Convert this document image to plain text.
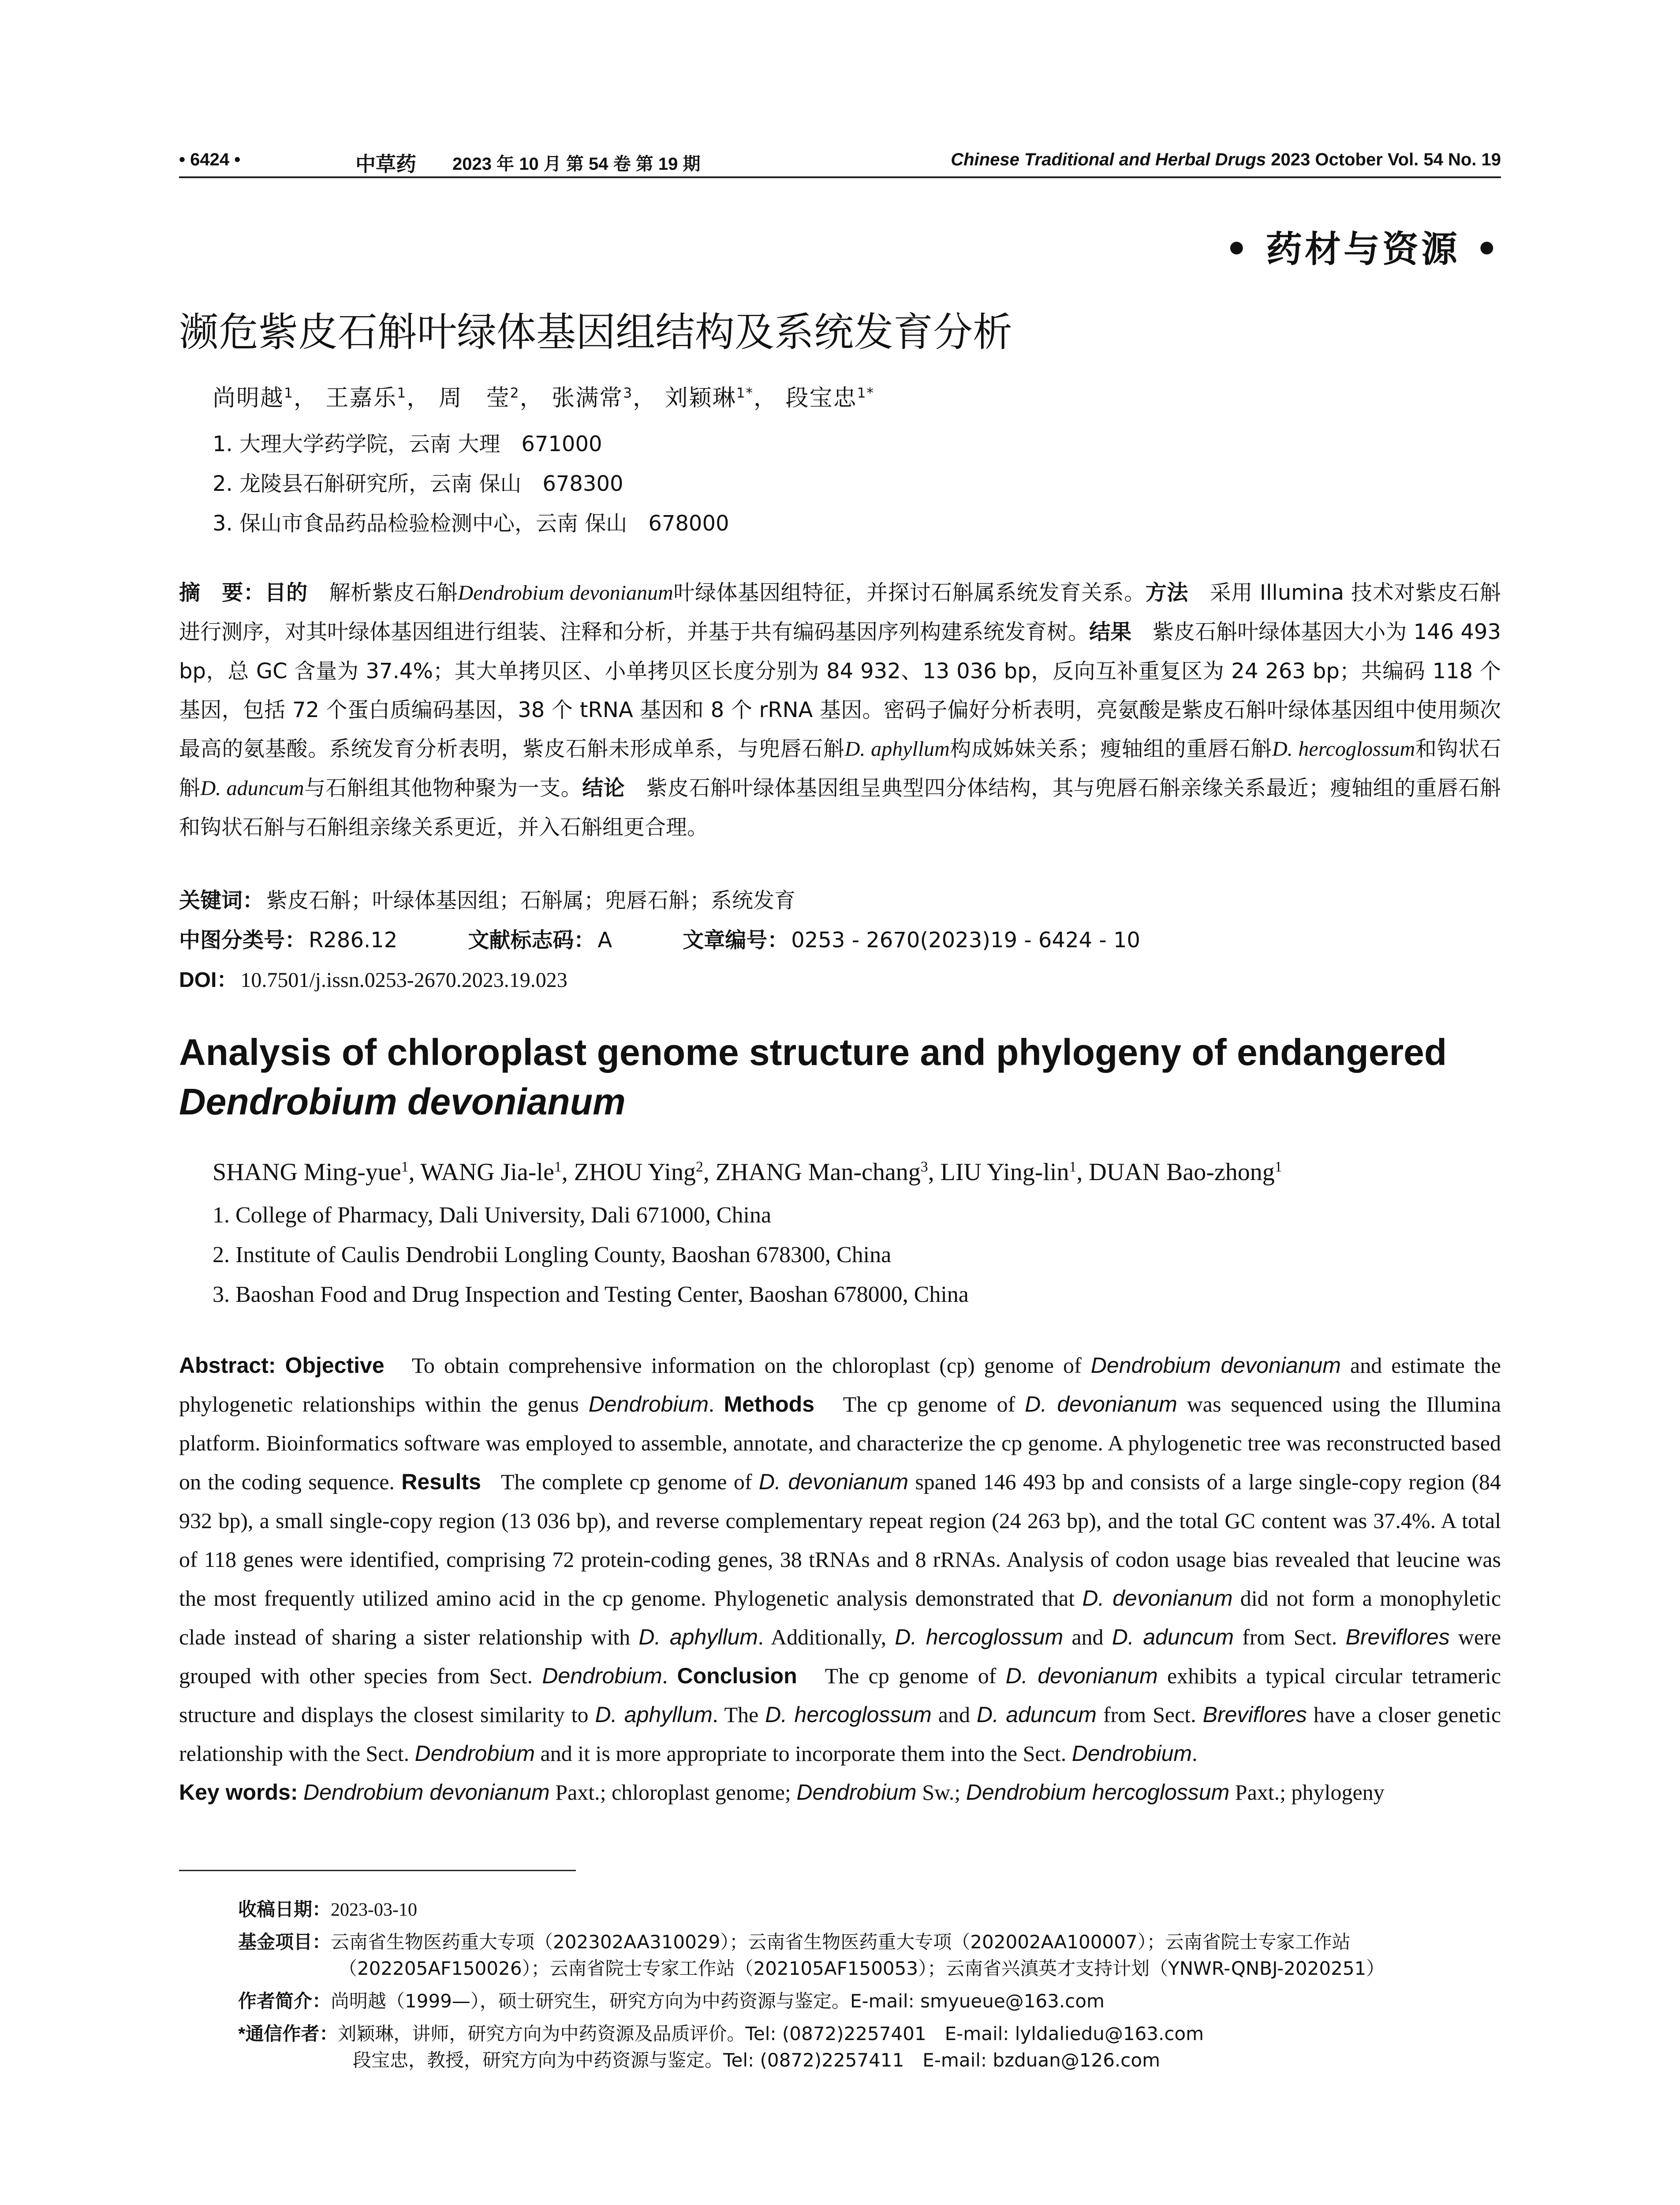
• 6424 •	中草药 2023 年 10 月 第 54 卷 第 19 期	Chinese Traditional and Herbal Drugs 2023 October Vol. 54 No. 19
• 药材与资源 •
濒危紫皮石斛叶绿体基因组结构及系统发育分析
尚明越$^1$， 王嘉乐$^1$， 周　莹$^2$， 张满常$^3$， 刘颖琳$^{1*}$， 段宝忠$^{1*}$
1. 大理大学药学院，云南 大理　671000
2. 龙陵县石斛研究所，云南 保山　678300
3. 保山市食品药品检验检测中心，云南 保山　678000
摘　要：目的　 解析紫皮石斛Dendrobium devonianum叶绿体基因组特征，并探讨石斛属系统发育关系。方法　 采用 Illumina 技术对紫皮石斛进行测序，对其叶绿体基因组进行组装、注释和分析，并基于共有编码基因序列构建系统发育树。结果　 紫皮石斛叶绿体基因大小为 146 493 bp，总 GC 含量为 37.4%；其大单拷贝区、小单拷贝区长度分别为 84 932、13 036 bp，反向互补重复区为 24 263 bp；共编码 118 个基因，包括 72 个蛋白质编码基因，38 个 tRNA 基因和 8 个 rRNA 基因。密码子偏好分析表明，亮氨酸是紫皮石斛叶绿体基因组中使用频次最高的氨基酸。系统发育分析表明，紫皮石斛未形成单系，与兜唇石斛D. aphyllum构成姊妹关系；瘦轴组的重唇石斛D. hercoglossum和钩状石斛D. aduncum与石斛组其他物种聚为一支。结论　 紫皮石斛叶绿体基因组呈典型四分体结构，其与兜唇石斛亲缘关系最近；瘦轴组的重唇石斛和钩状石斛与石斛组亲缘关系更近，并入石斛组更合理。
关键词： 紫皮石斛；叶绿体基因组；石斛属；兜唇石斛；系统发育
中图分类号： R286.12	文献标志码： A	文章编号： 0253 - 2670(2023)19 - 6424 - 10
DOI： 10.7501/j.issn.0253-2670.2023.19.023
Analysis of chloroplast genome structure and phylogeny of endangered
Dendrobium devonianum
SHANG Ming-yue$^1$, WANG Jia-$le^1$, ZHOU Ying$^2$, ZHANG Man-chang$^3$, LIU Ying-lin$^1$, DUAN Bao-zhong$^1$
1. College of Pharmacy, Dali University, Dali 671000, China
2. Institute of Caulis Dendrobii Longling County, Baoshan 678300, China
3. Baoshan Food and Drug Inspection and Testing Center, Baoshan 678000, China
Abstract: Objective To obtain comprehensive information on the chloroplast (cp) genome of Dendrobium devonianum and estimate the phylogenetic relationships within the genus Dendrobium. Methods The cp genome of D. devonianum was sequenced using the Illumina platform. Bioinformatics software was employed to assemble, annotate, and characterize the cp genome. A phylogenetic tree was reconstructed based on the coding sequence. Results The complete cp genome of D. devonianum spaned 146 493 bp and consists of a large single-copy region (84 932 bp), a small single-copy region (13 036 bp), and reverse complementary repeat region (24 263 bp), and the total GC content was 37.4%. A total of 118 genes were identified, comprising 72 protein-coding genes, 38 tRNAs and 8 rRNAs. Analysis of codon usage bias revealed that leucine was the most frequently utilized amino acid in the cp genome. Phylogenetic analysis demonstrated that D. devonianum did not form a monophyletic clade instead of sharing a sister relationship with D. aphyllum. Additionally, D. hercoglossum and D. aduncum from Sect. Breviflores were grouped with other species from Sect. Dendrobium. Conclusion The cp genome of D. devonianum exhibits a typical circular tetrameric structure and displays the closest similarity to D. aphyllum. The D. hercoglossum and D. aduncum from Sect. Breviflores have a closer genetic relationship with the Sect. Dendrobium and it is more appropriate to incorporate them into the Sect. Dendrobium.
Key words: Dendrobium devonianum Paxt.; chloroplast genome; Dendrobium Sw.; Dendrobium hercoglossum Paxt.; phylogeny
收稿日期：2023-03-10
基金项目：云南省生物医药重大专项（202302AA310029）；云南省生物医药重大专项（202002AA100007）；云南省院士专家工作站
（202205AF150026）；云南省院士专家工作站（202105AF150053）；云南省兴滇英才支持计划（YNWR-QNBJ-2020251）
作者简介：尚明越（1999—），硕士研究生，研究方向为中药资源与鉴定。E-mail: smyueue@163.com
*通信作者：刘颖琳，讲师，研究方向为中药资源及品质评价。Tel: (0872)2257401　E-mail: lyldaliedu@163.com
段宝忠，教授，研究方向为中药资源与鉴定。Tel: (0872)2257411　E-mail: bzduan@126.com
